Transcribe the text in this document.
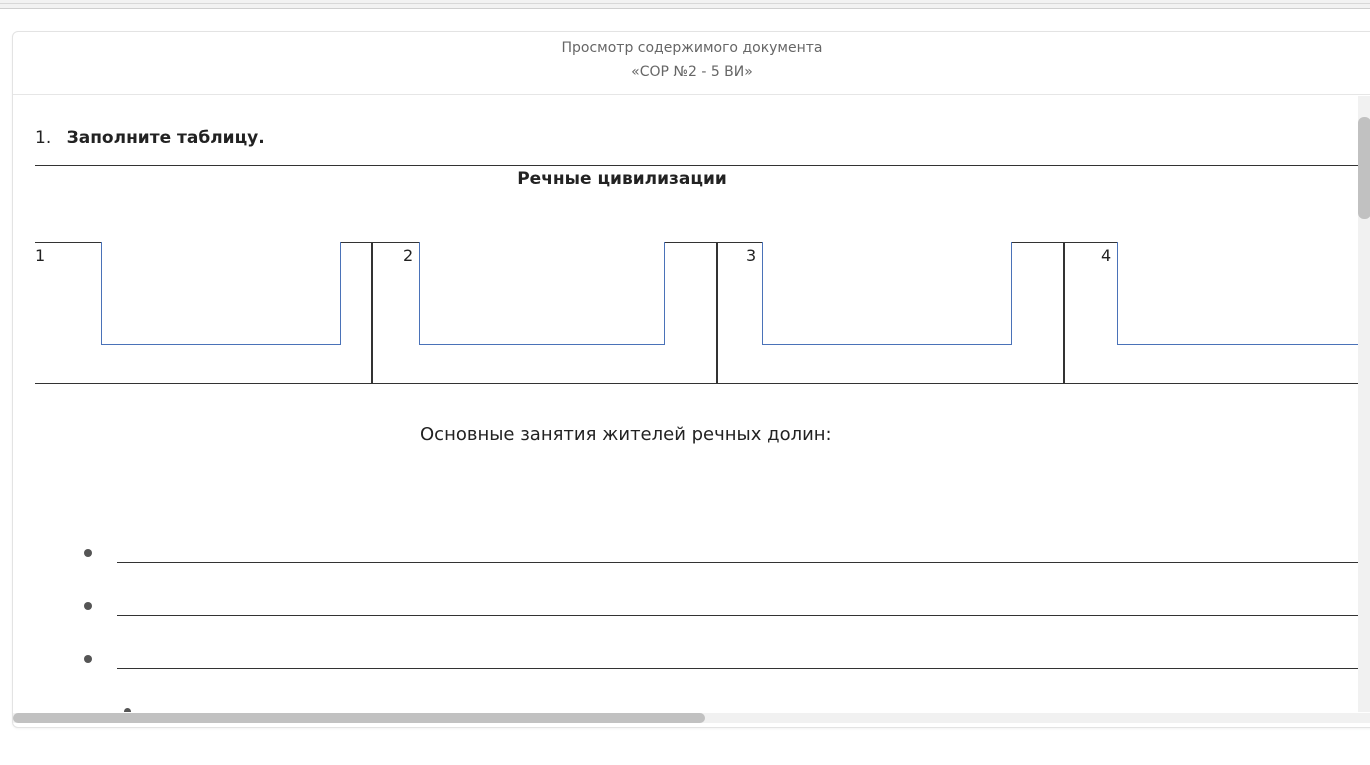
Просмотр содержимого документа
«СОР №2 - 5 ВИ»
1. Заполните таблицу.
Речные цивилизации
1	2	3	4
Основные занятия жителей речных долин:
